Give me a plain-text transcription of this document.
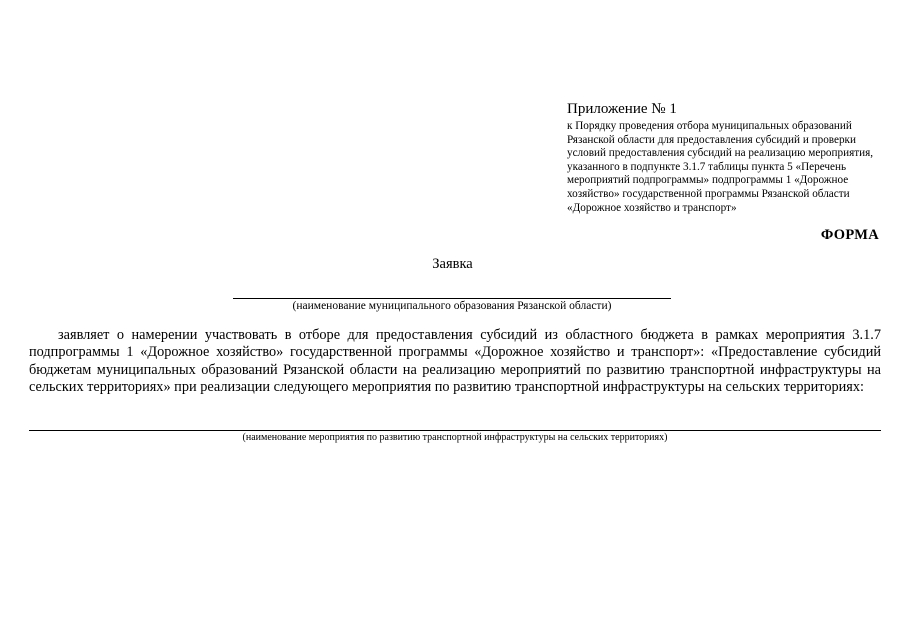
Приложение № 1

к Порядку проведения отбора муниципальных образований Рязанской области для предоставления субсидий и проверки условий предоставления субсидий на реализацию мероприятия, указанного в подпункте 3.1.7 таблицы пункта 5 «Перечень мероприятий подпрограммы» подпрограммы 1 «Дорожное хозяйство» государственной программы Рязанской области «Дорожное хозяйство и транспорт»

ФОРМА
Заявка
(наименование муниципального образования Рязанской области)

заявляет о намерении участвовать в отборе для предоставления субсидий из областного бюджета в рамках мероприятия 3.1.7 подпрограммы 1 «Дорожное хозяйство» государственной программы «Дорожное хозяйство и транспорт»: «Предоставление субсидий бюджетам муниципальных образований Рязанской области на реализацию мероприятий по развитию транспортной инфраструктуры на сельских территориях» при реализации следующего мероприятия по развитию транспортной инфраструктуры на сельских территориях:

(наименование мероприятия по развитию транспортной инфраструктуры на сельских территориях)
